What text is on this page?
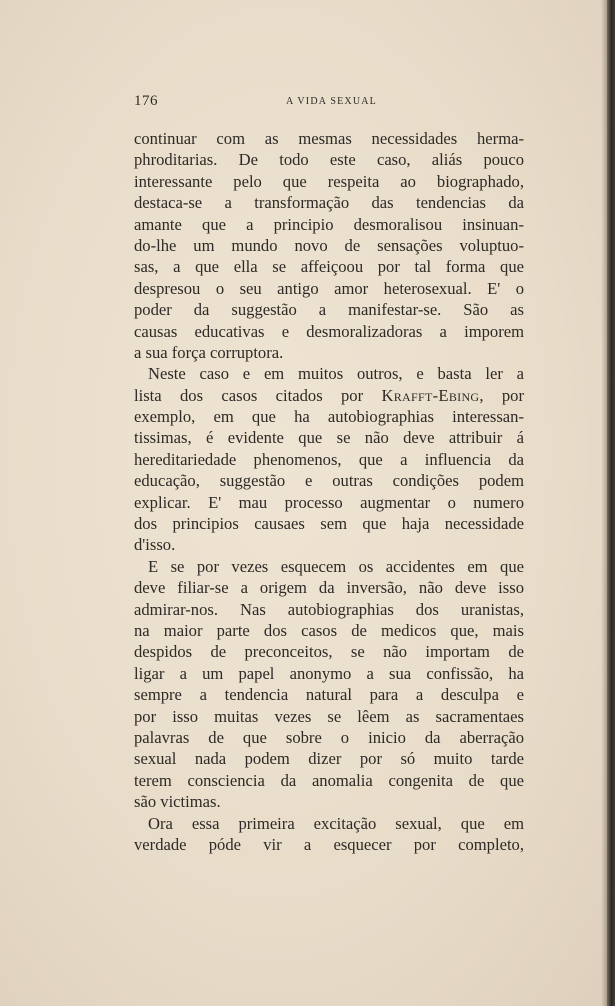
176	A VIDA SEXUAL
continuar com as mesmas necessidades herma-
phroditarias. De todo este caso, aliás pouco
interessante pelo que respeita ao biographado,
destaca-se a transformação das tendencias da
amante que a principio desmoralisou insinuan-
do-lhe um mundo novo de sensações voluptuo-
sas, a que ella se affeiçoou por tal forma que
despresou o seu antigo amor heterosexual. E' o
poder da suggestão a manifestar-se. São as
causas educativas e desmoralizadoras a imporem
a sua força corruptora.
Neste caso e em muitos outros, e basta ler a
lista dos casos citados por Krafft-Ebing, por
exemplo, em que ha autobiographias interessan-
tissimas, é evidente que se não deve attribuir á
hereditariedade phenomenos, que a influencia da
educação, suggestão e outras condições podem
explicar. E' mau processo augmentar o numero
dos principios causaes sem que haja necessidade
d'isso.
E se por vezes esquecem os accidentes em que
deve filiar-se a origem da inversão, não deve isso
admirar-nos. Nas autobiographias dos uranistas,
na maior parte dos casos de medicos que, mais
despidos de preconceitos, se não importam de
ligar a um papel anonymo a sua confissão, ha
sempre a tendencia natural para a desculpa e
por isso muitas vezes se lêem as sacramentaes
palavras de que sobre o inicio da aberração
sexual nada podem dizer por só muito tarde
terem consciencia da anomalia congenita de que
são victimas.
Ora essa primeira excitação sexual, que em
verdade póde vir a esquecer por completo,
